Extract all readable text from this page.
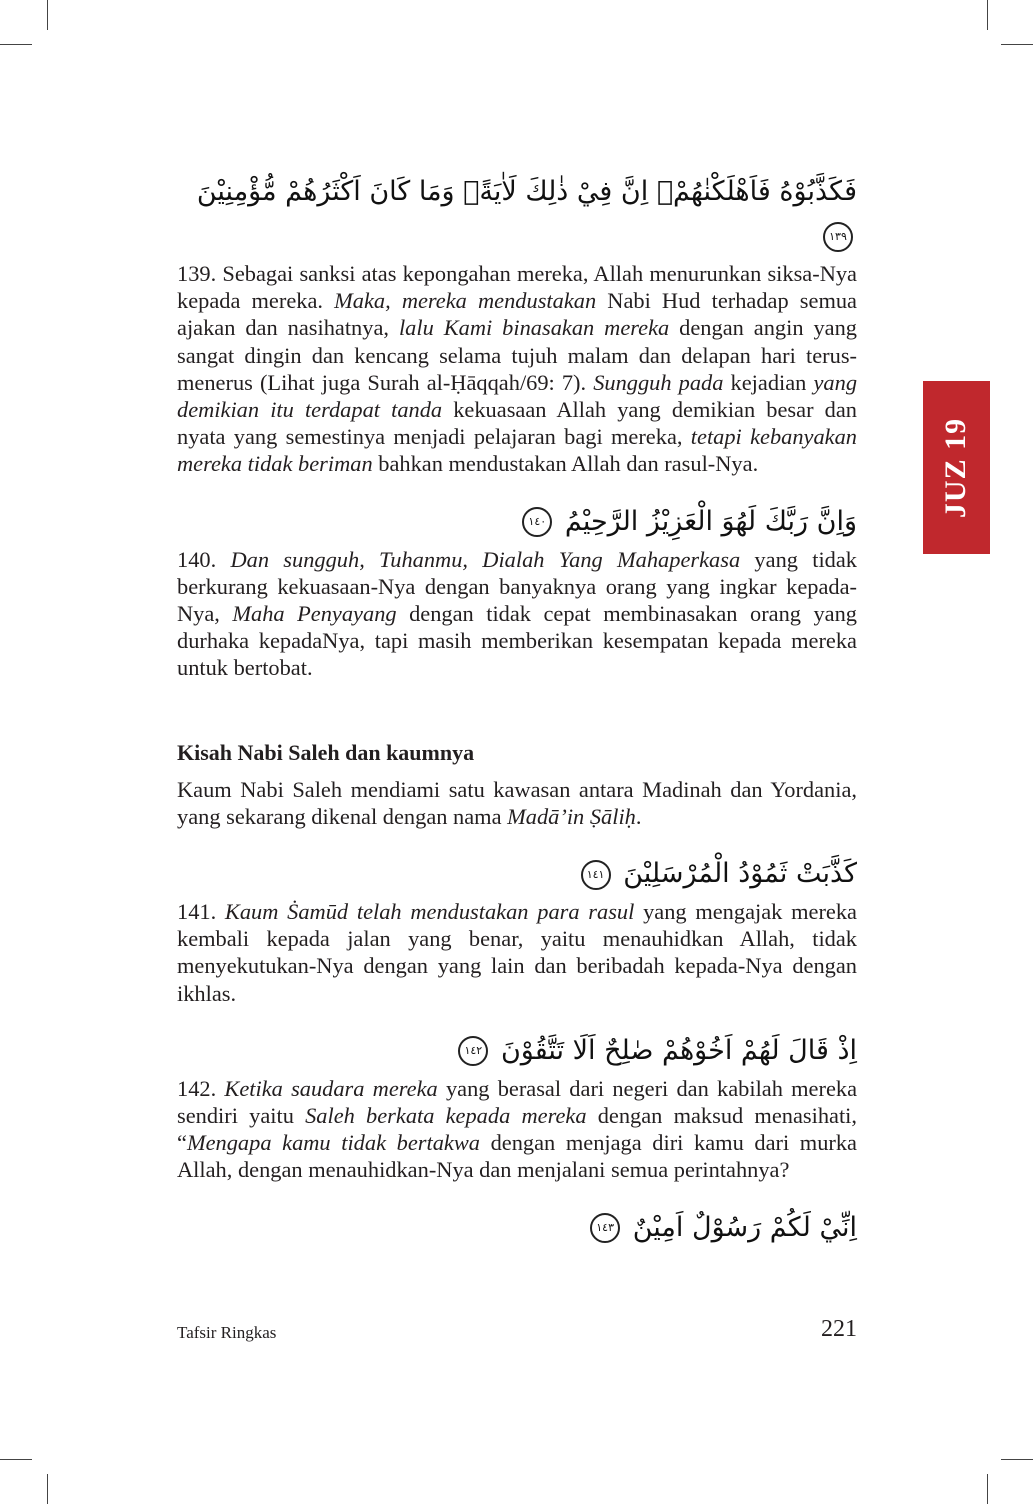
JUZ 19
فَكَذَّبُوْهُ فَاَهْلَكْنٰهُمْۗ اِنَّ فِيْ ذٰلِكَ لَاٰيَةًۗ وَمَا كَانَ اَكْثَرُهُمْ مُّؤْمِنِيْنَ ١٣٩

139. Sebagai sanksi atas kepongahan mereka, Allah menurunkan siksa-Nya kepada mereka. Maka, mereka mendustakan Nabi Hud terhadap semua ajakan dan nasihatnya, lalu Kami binasakan mereka dengan angin yang sangat dingin dan kencang selama tujuh malam dan delapan hari terus-menerus (Lihat juga Surah al-Ḥāqqah/69: 7). Sungguh pada kejadian yang demikian itu terdapat tanda kekuasaan Allah yang demikian besar dan nyata yang semestinya menjadi pelajaran bagi mereka, tetapi kebanyakan mereka tidak beriman bahkan mendustakan Allah dan rasul-Nya.

وَاِنَّ رَبَّكَ لَهُوَ الْعَزِيْزُ الرَّحِيْمُ ١٤٠

140. Dan sungguh, Tuhanmu, Dialah Yang Mahaperkasa yang tidak berkurang kekuasaan-Nya dengan banyaknya orang yang ingkar kepada-Nya, Maha Penyayang dengan tidak cepat membinasakan orang yang durhaka kepadaNya, tapi masih memberikan kesempatan kepada mereka untuk bertobat.

Kisah Nabi Saleh dan kaumnya

Kaum Nabi Saleh mendiami satu kawasan antara Madinah dan Yordania, yang sekarang dikenal dengan nama Madā’in Ṣāliḥ.

كَذَّبَتْ ثَمُوْدُ الْمُرْسَلِيْنَ ١٤١

141. Kaum Ṡamūd telah mendustakan para rasul yang mengajak mereka kembali kepada jalan yang benar, yaitu menauhidkan Allah, tidak menyekutukan-Nya dengan yang lain dan beribadah kepada-Nya dengan ikhlas.

اِذْ قَالَ لَهُمْ اَخُوْهُمْ صٰلِحٌ اَلَا تَتَّقُوْنَ ١٤٢

142. Ketika saudara mereka yang berasal dari negeri dan kabilah mereka sendiri yaitu Saleh berkata kepada mereka dengan maksud menasihati, “Mengapa kamu tidak bertakwa dengan menjaga diri kamu dari murka Allah, dengan menauhidkan-Nya dan menjalani semua perintahnya?

اِنِّيْ لَكُمْ رَسُوْلٌ اَمِيْنٌ ١٤٣
Tafsir Ringkas	221
